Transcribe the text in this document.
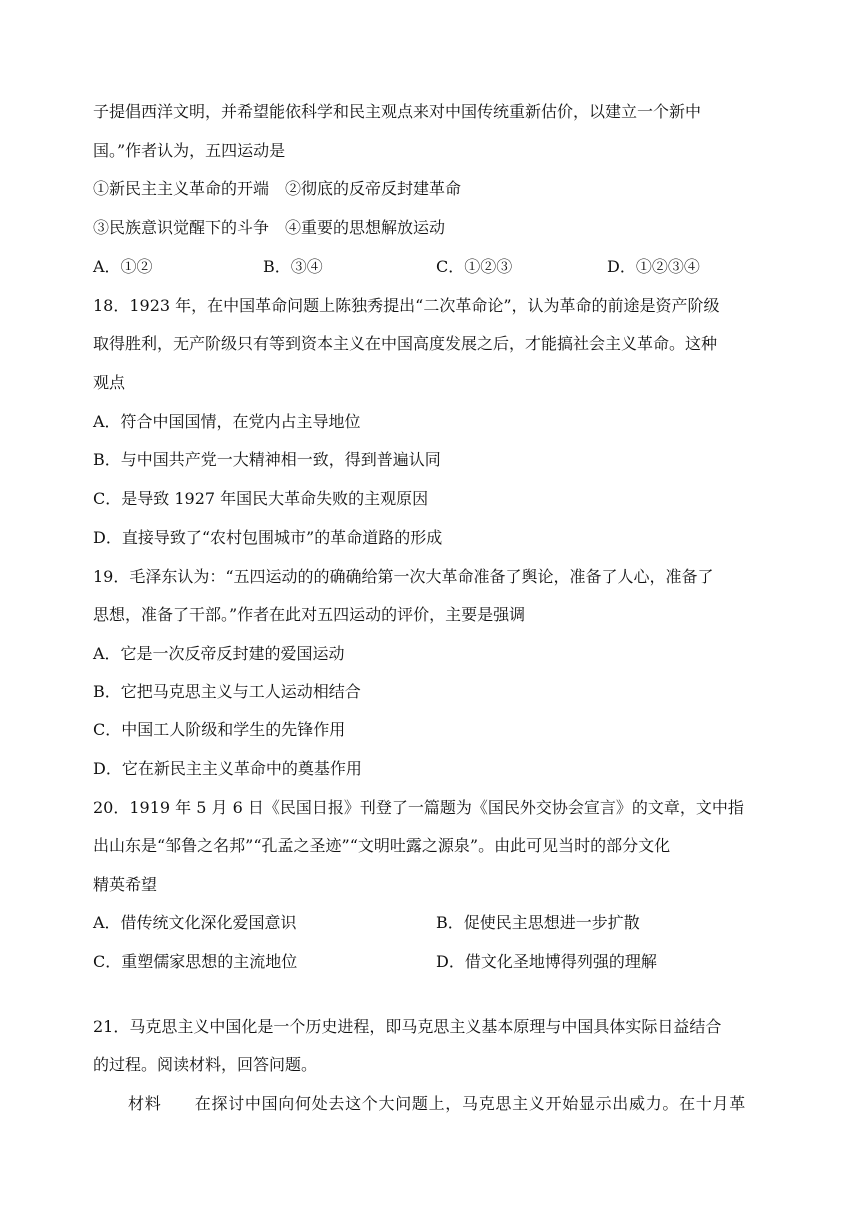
子提倡西洋文明，并希望能依科学和民主观点来对中国传统重新估价，以建立一个新中
国。”作者认为，五四运动是
①新民主主义革命的开端　②彻底的反帝反封建革命
③民族意识觉醒下的斗争　④重要的思想解放运动
A．①②	B．③④	C．①②③	D．①②③④
18．1923 年，在中国革命问题上陈独秀提出“二次革命论”，认为革命的前途是资产阶级
取得胜利，无产阶级只有等到资本主义在中国高度发展之后，才能搞社会主义革命。这种
观点
A．符合中国国情，在党内占主导地位
B．与中国共产党一大精神相一致，得到普遍认同
C．是导致 1927 年国民大革命失败的主观原因
D．直接导致了“农村包围城市”的革命道路的形成
19．毛泽东认为：“五四运动的的确确给第一次大革命准备了舆论，准备了人心，准备了
思想，准备了干部。”作者在此对五四运动的评价，主要是强调
A．它是一次反帝反封建的爱国运动
B．它把马克思主义与工人运动相结合
C．中国工人阶级和学生的先锋作用
D．它在新民主主义革命中的奠基作用
20．1919 年 5 月 6 日《民国日报》刊登了一篇题为《国民外交协会宣言》的文章，文中指
出山东是“邹鲁之名邦”“孔孟之圣迹”“文明吐露之源泉”。由此可见当时的部分文化
精英希望
A．借传统文化深化爱国意识	B．促使民主思想进一步扩散
C．重塑儒家思想的主流地位	D．借文化圣地博得列强的理解
21．马克思主义中国化是一个历史进程，即马克思主义基本原理与中国具体实际日益结合
的过程。阅读材料，回答问题。
材料　　在探讨中国向何处去这个大问题上，马克思主义开始显示出威力。在十月革
